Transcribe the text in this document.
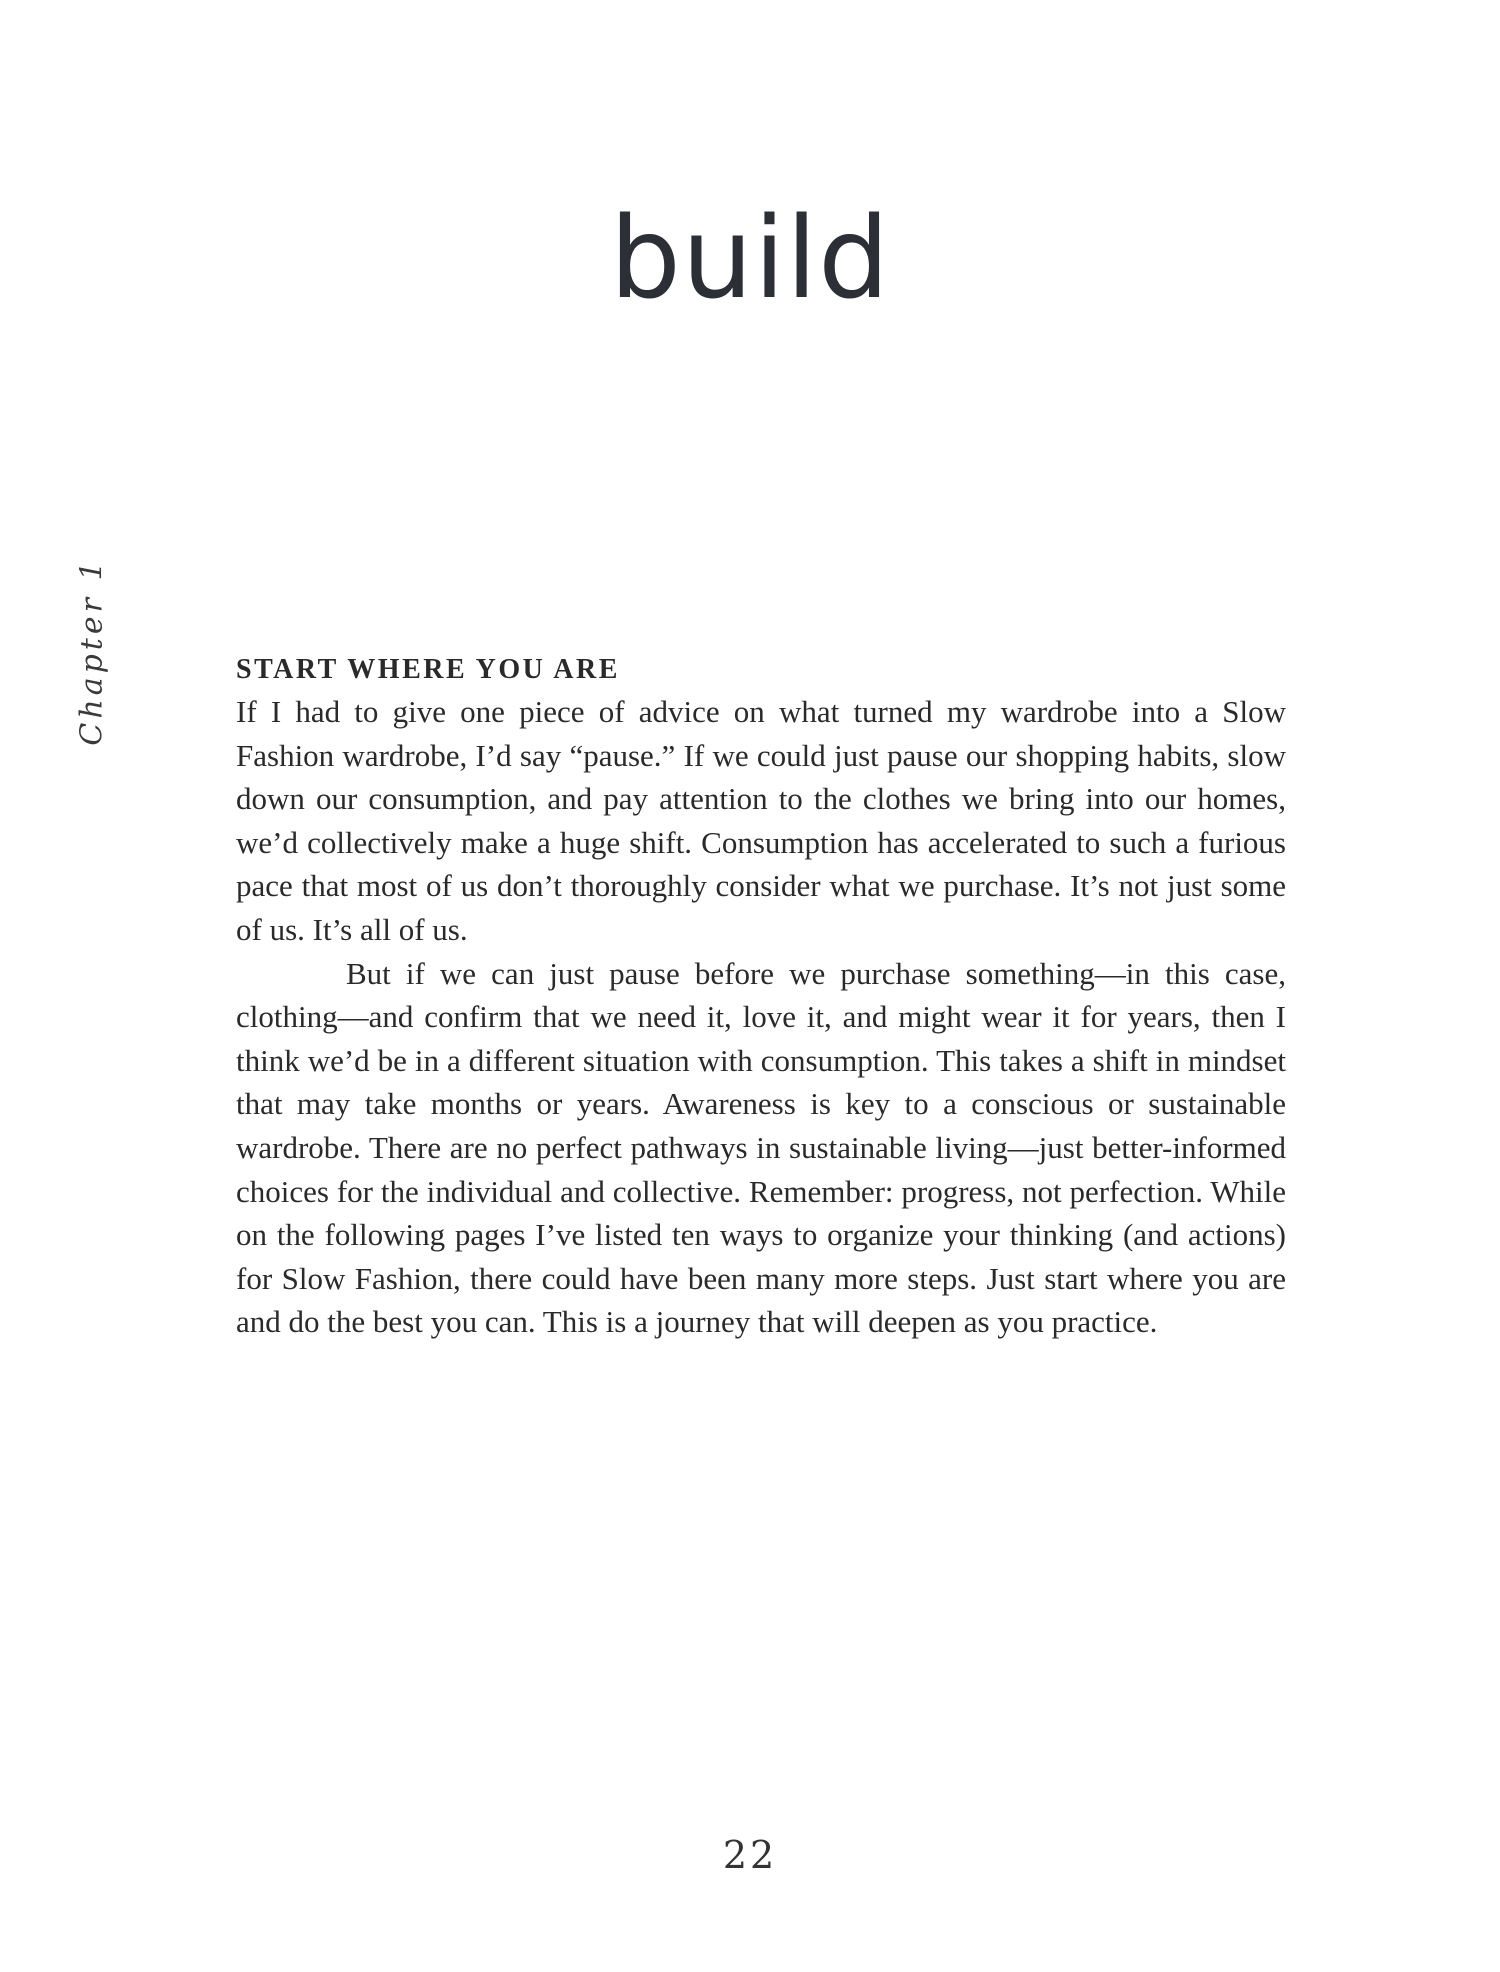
build
Chapter 1	START WHERE YOU ARE

If I had to give one piece of advice on what turned my wardrobe into a Slow Fashion wardrobe, I’d say “pause.” If we could just pause our shopping habits, slow down our consumption, and pay attention to the clothes we bring into our homes, we’d collectively make a huge shift. Consumption has accelerated to such a furious pace that most of us don’t thoroughly consider what we purchase. It’s not just some of us. It’s all of us.

But if we can just pause before we purchase something—in this case, clothing—and confirm that we need it, love it, and might wear it for years, then I think we’d be in a different situation with consumption. This takes a shift in mindset that may take months or years. Awareness is key to a conscious or sustainable wardrobe. There are no perfect pathways in sustainable living—just better-informed choices for the individual and collective. Remember: progress, not perfection. While on the following pages I’ve listed ten ways to organize your thinking (and actions) for Slow Fashion, there could have been many more steps. Just start where you are and do the best you can. This is a journey that will deepen as you practice.

22
